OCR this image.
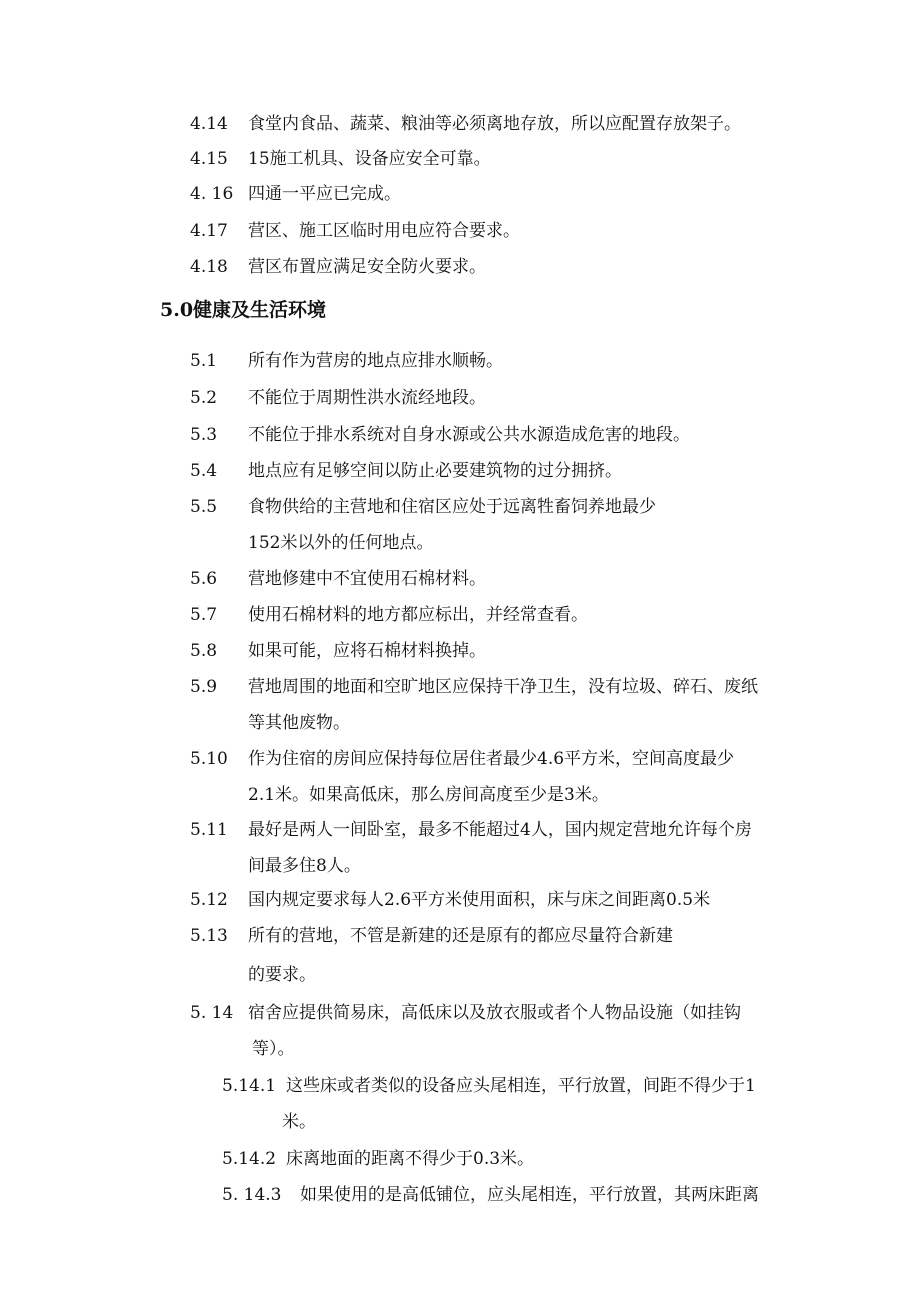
4.14 食堂内食品、蔬菜、粮油等必须离地存放，所以应配置存放架子。
4.15 15施工机具、设备应安全可靠。
4. 16 四通一平应已完成。
4.17 营区、施工区临时用电应符合要求。
4.18 营区布置应满足安全防火要求。
5.0健康及生活环境
5.1 所有作为营房的地点应排水顺畅。
5.2 不能位于周期性洪水流经地段。
5.3 不能位于排水系统对自身水源或公共水源造成危害的地段。
5.4 地点应有足够空间以防止必要建筑物的过分拥挤。
5.5 食物供给的主营地和住宿区应处于远离牲畜饲养地最少
152米以外的任何地点。
5.6 营地修建中不宜使用石棉材料。
5.7 使用石棉材料的地方都应标出，并经常查看。
5.8 如果可能，应将石棉材料换掉。
5.9 营地周围的地面和空旷地区应保持干净卫生，没有垃圾、碎石、废纸
等其他废物。
5.10 作为住宿的房间应保持每位居住者最少4.6平方米，空间高度最少
2.1米。如果高低床，那么房间高度至少是3米。
5.11 最好是两人一间卧室，最多不能超过4人，国内规定营地允许每个房
间最多住8人。
5.12 国内规定要求每人2.6平方米使用面积，床与床之间距离0.5米
5.13 所有的营地，不管是新建的还是原有的都应尽量符合新建
的要求。
5. 14 宿舍应提供简易床，高低床以及放衣服或者个人物品设施（如挂钩
等）。
5.14.1 这些床或者类似的设备应头尾相连，平行放置，间距不得少于1
米。
5.14.2 床离地面的距离不得少于0.3米。
5. 14.3 如果使用的是高低铺位，应头尾相连，平行放置，其两床距离
